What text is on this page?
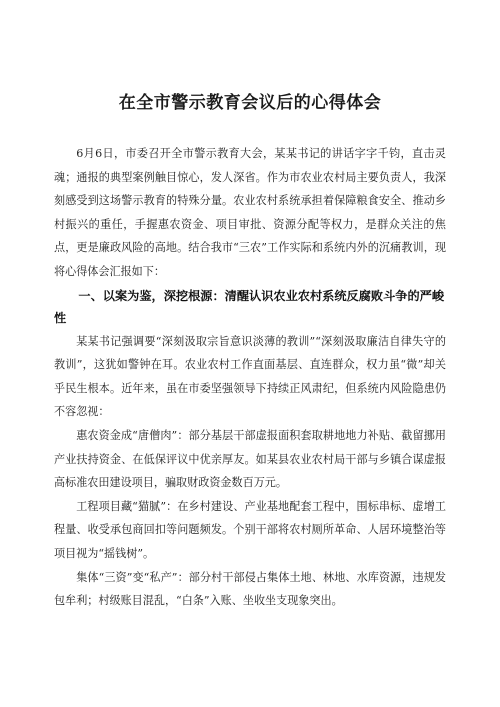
在全市警示教育会议后的心得体会

6月6日，市委召开全市警示教育大会，某某书记的讲话字字千钧，直击灵魂；通报的典型案例触目惊心，发人深省。作为市农业农村局主要负责人，我深刻感受到这场警示教育的特殊分量。农业农村系统承担着保障粮食安全、推动乡村振兴的重任，手握惠农资金、项目审批、资源分配等权力，是群众关注的焦点，更是廉政风险的高地。结合我市“三农”工作实际和系统内外的沉痛教训，现将心得体会汇报如下：

一、以案为鉴，深挖根源：清醒认识农业农村系统反腐败斗争的严峻性

某某书记强调要“深刻汲取宗旨意识淡薄的教训”“深刻汲取廉洁自律失守的教训”，这犹如警钟在耳。农业农村工作直面基层、直连群众，权力虽“微”却关乎民生根本。近年来，虽在市委坚强领导下持续正风肃纪，但系统内风险隐患仍不容忽视：

惠农资金成“唐僧肉”：部分基层干部虚报面积套取耕地地力补贴、截留挪用产业扶持资金、在低保评议中优亲厚友。如某县农业农村局干部与乡镇合谋虚报高标准农田建设项目，骗取财政资金数百万元。

工程项目藏“猫腻”：在乡村建设、产业基地配套工程中，围标串标、虚增工程量、收受承包商回扣等问题频发。个别干部将农村厕所革命、人居环境整治等项目视为“摇钱树”。

集体“三资”变“私产”：部分村干部侵占集体土地、林地、水库资源，违规发包牟利；村级账目混乱，“白条”入账、坐收坐支现象突出。
